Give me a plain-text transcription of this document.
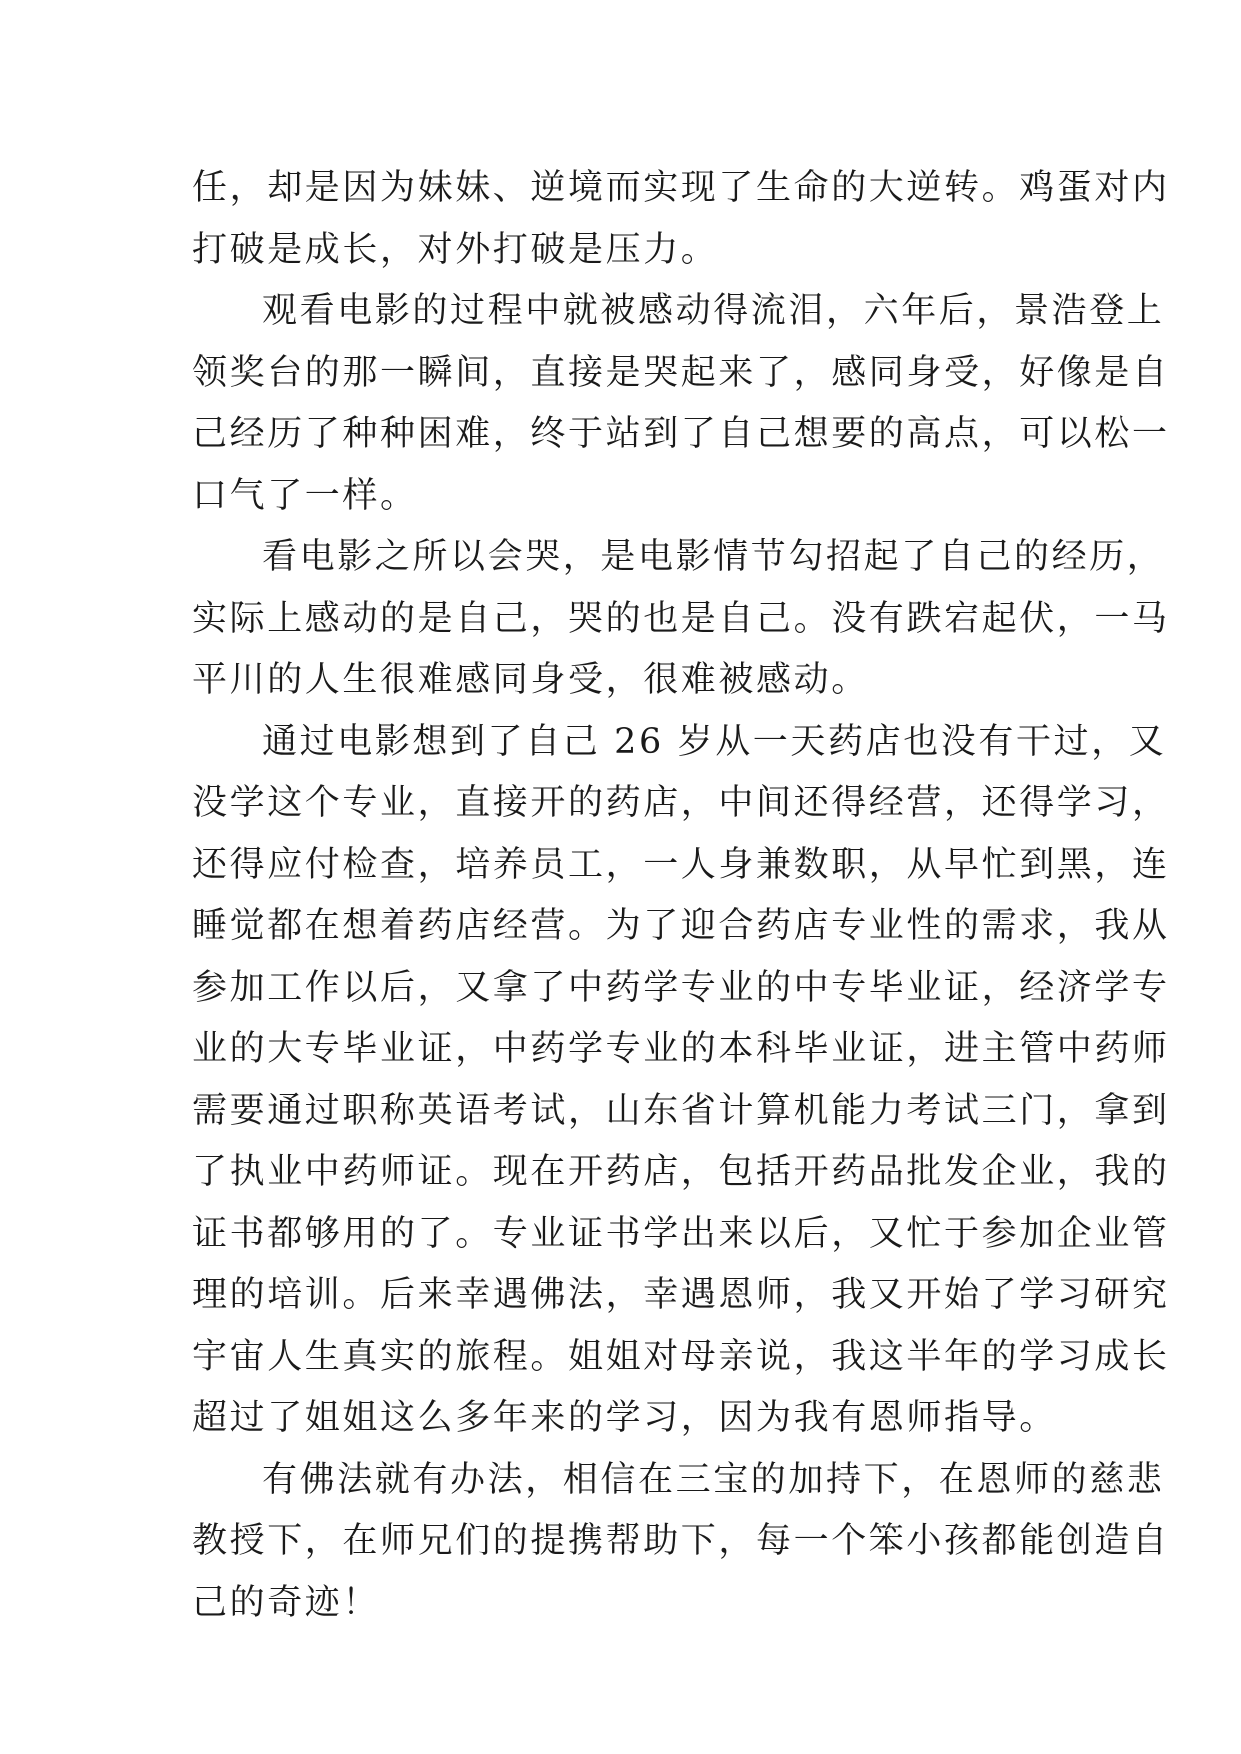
任，却是因为妹妹、逆境而实现了生命的大逆转。鸡蛋对内
打破是成长，对外打破是压力。
观看电影的过程中就被感动得流泪，六年后，景浩登上
领奖台的那一瞬间，直接是哭起来了，感同身受，好像是自
己经历了种种困难，终于站到了自己想要的高点，可以松一
口气了一样。
看电影之所以会哭，是电影情节勾招起了自己的经历，
实际上感动的是自己，哭的也是自己。没有跌宕起伏，一马
平川的人生很难感同身受，很难被感动。
通过电影想到了自己 26 岁从一天药店也没有干过，又
没学这个专业，直接开的药店，中间还得经营，还得学习，
还得应付检查，培养员工，一人身兼数职，从早忙到黑，连
睡觉都在想着药店经营。为了迎合药店专业性的需求，我从
参加工作以后，又拿了中药学专业的中专毕业证，经济学专
业的大专毕业证，中药学专业的本科毕业证，进主管中药师
需要通过职称英语考试，山东省计算机能力考试三门，拿到
了执业中药师证。现在开药店，包括开药品批发企业，我的
证书都够用的了。专业证书学出来以后，又忙于参加企业管
理的培训。后来幸遇佛法，幸遇恩师，我又开始了学习研究
宇宙人生真实的旅程。姐姐对母亲说，我这半年的学习成长
超过了姐姐这么多年来的学习，因为我有恩师指导。
有佛法就有办法，相信在三宝的加持下，在恩师的慈悲
教授下，在师兄们的提携帮助下，每一个笨小孩都能创造自
己的奇迹！
